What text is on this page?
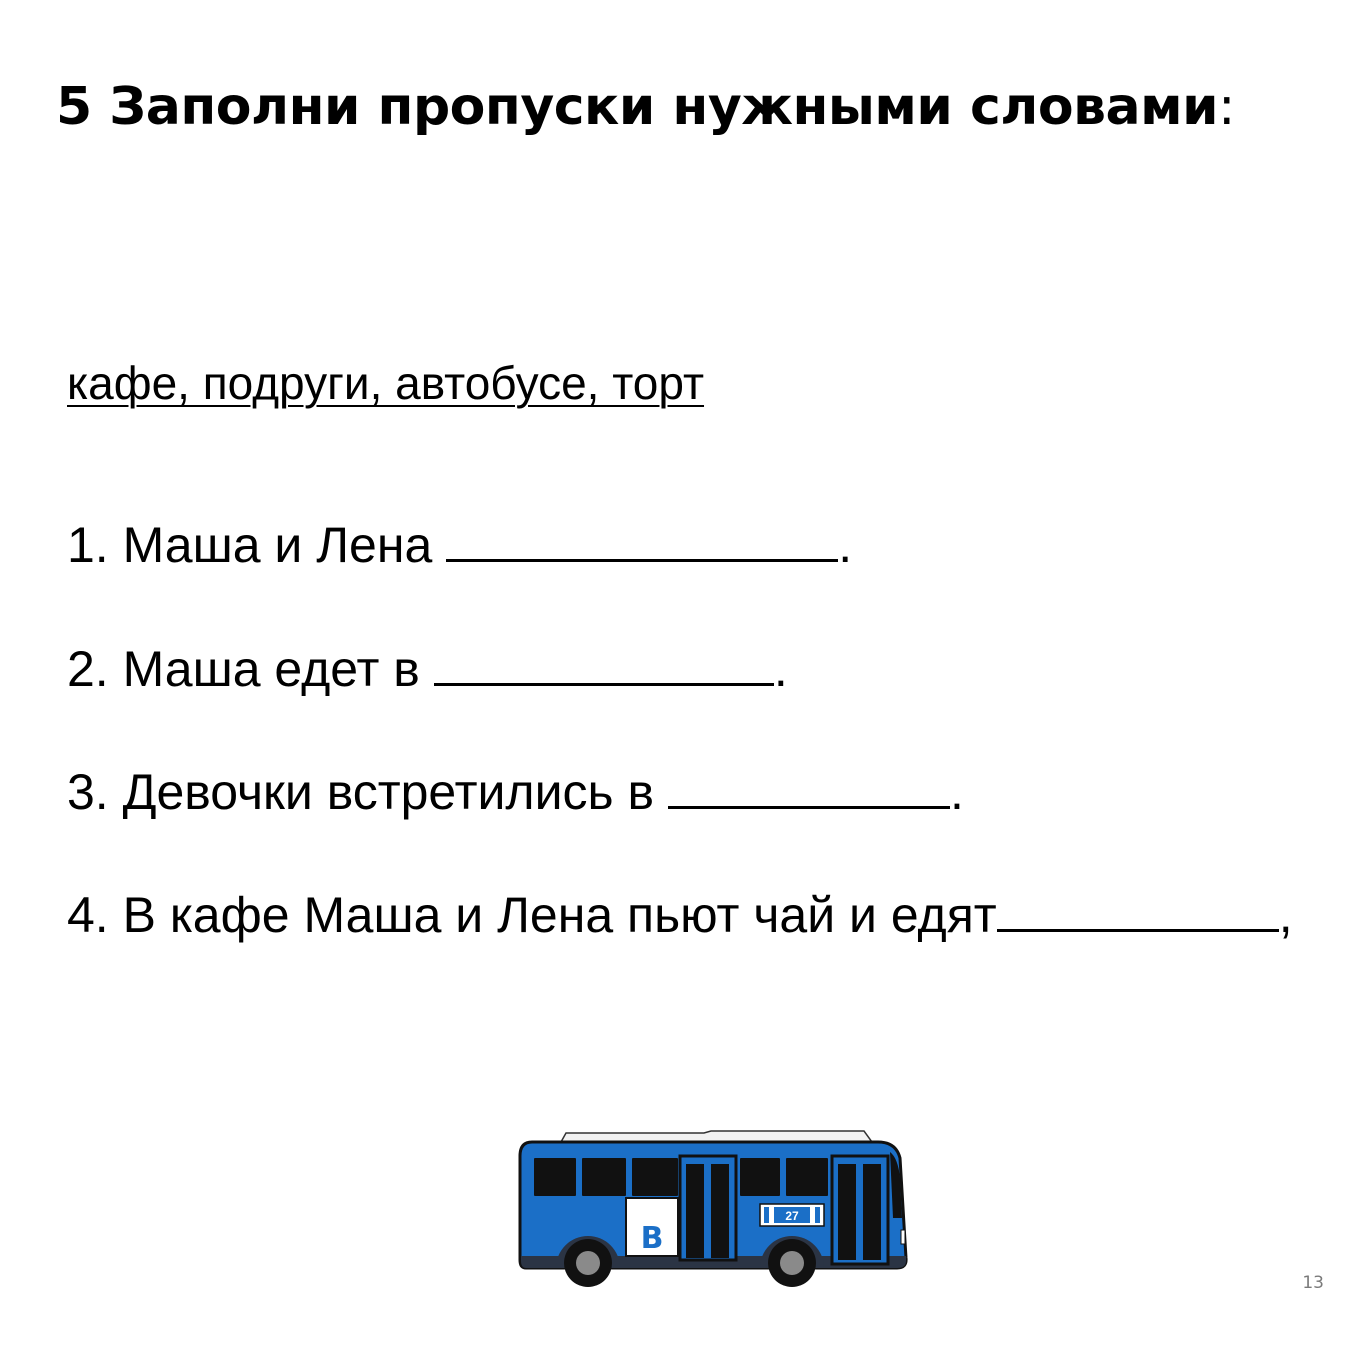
5 Заполни пропуски нужными словами:
кафе, подруги, автобусе, торт
1. Маша и Лена	.
2. Маша едет в	.
3. Девочки встретились в	.
4. В кафе Маша и Лена пьют чай и едят	,
27
B
13
